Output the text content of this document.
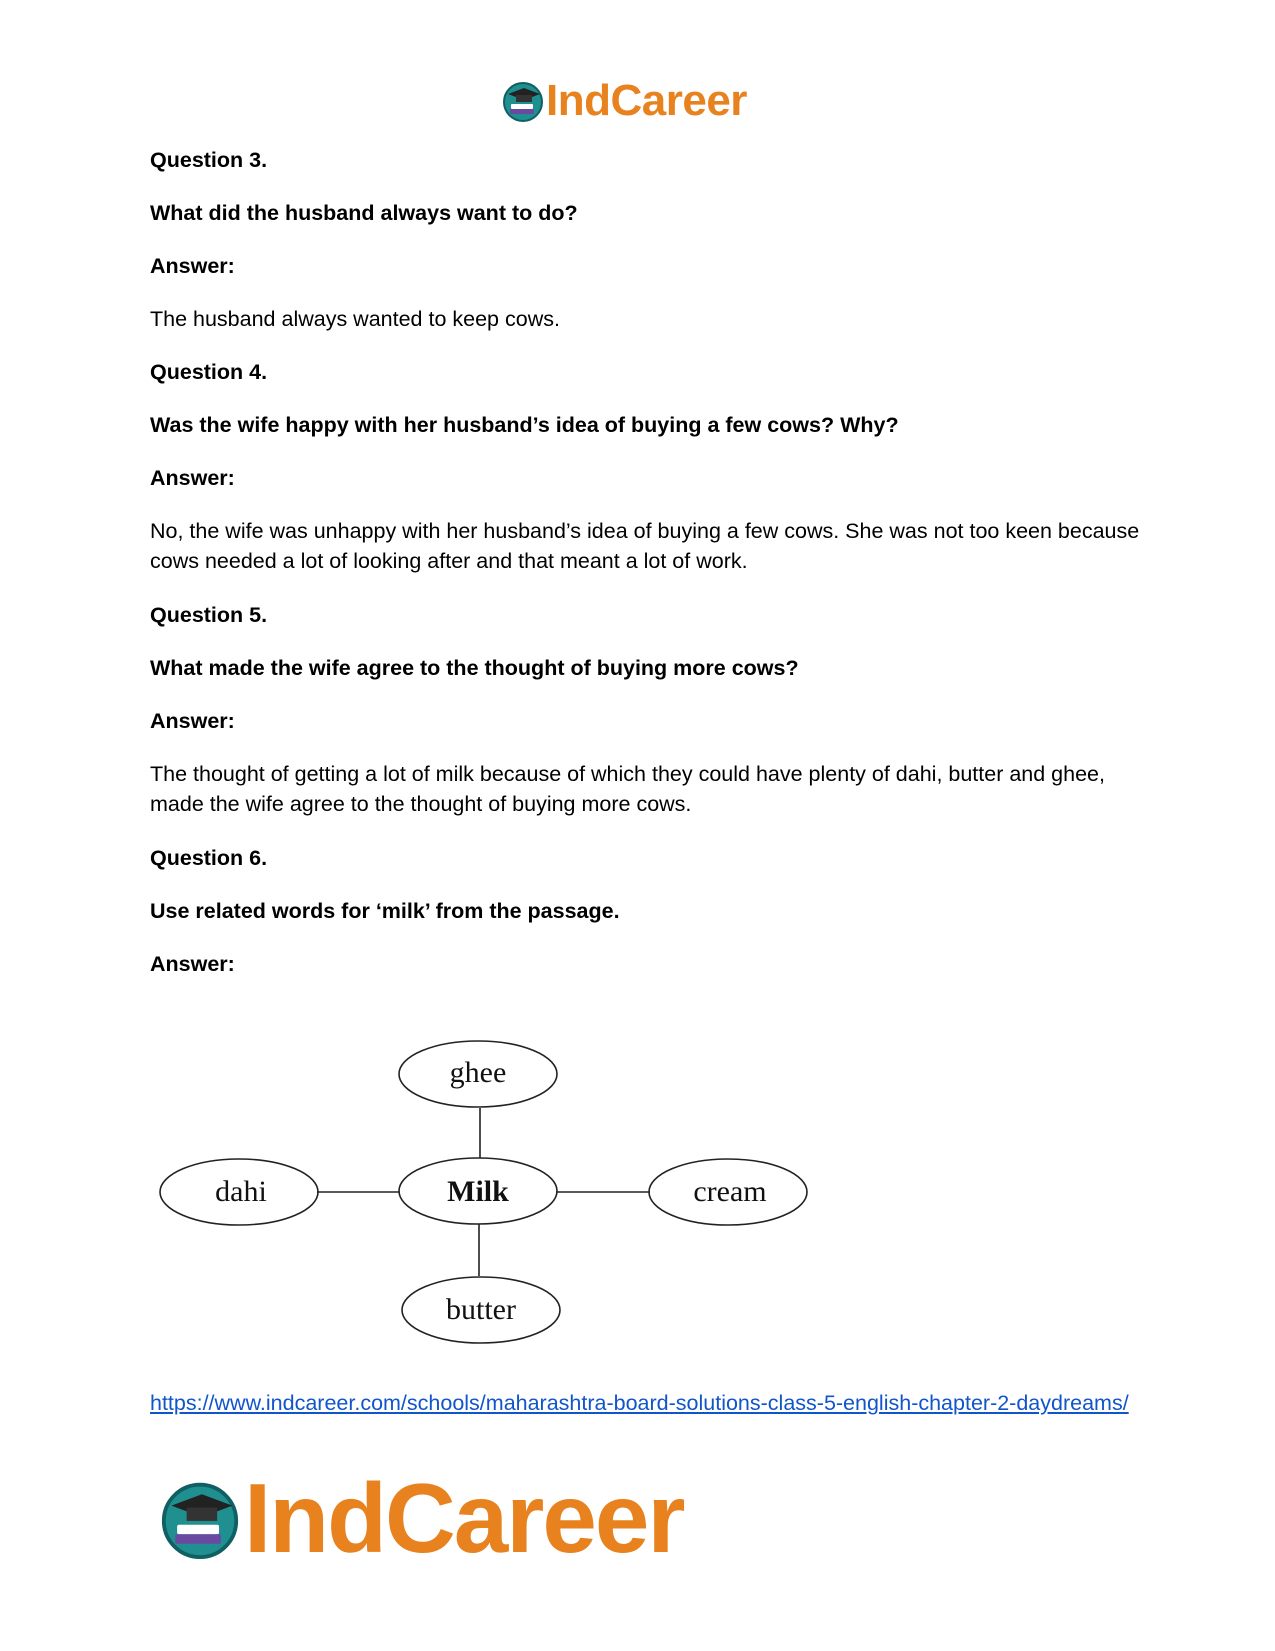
IndCareer

Question 3.

What did the husband always want to do?

Answer:

The husband always wanted to keep cows.

Question 4.

Was the wife happy with her husband’s idea of buying a few cows? Why?

Answer:

No, the wife was unhappy with her husband’s idea of buying a few cows. She was not too keen because cows needed a lot of looking after and that meant a lot of work.

Question 5.

What made the wife agree to the thought of buying more cows?

Answer:

The thought of getting a lot of milk because of which they could have plenty of dahi, butter and ghee, made the wife agree to the thought of buying more cows.

Question 6.

Use related words for ‘milk’ from the passage.

Answer:

ghee
Milk
dahi	cream
butter
https://www.indcareer.com/schools/maharashtra-board-solutions-class-5-english-chapter-2-daydreams/
IndCareer
